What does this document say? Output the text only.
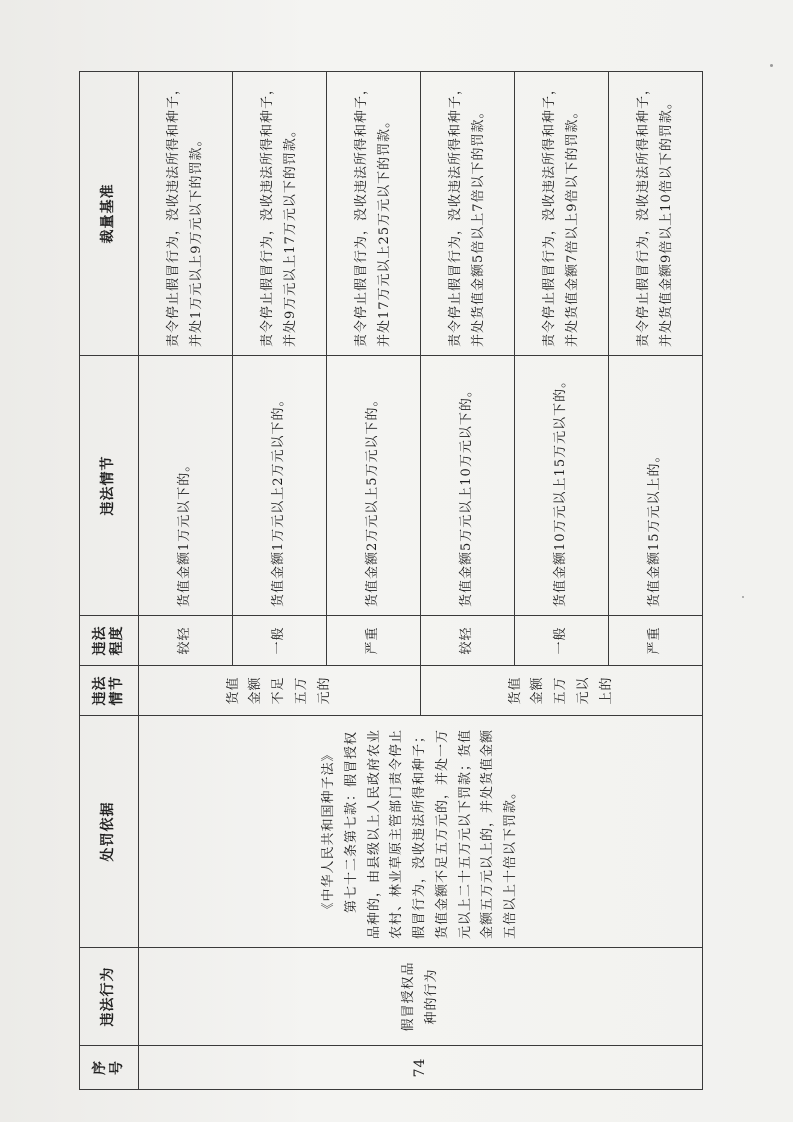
序号	违法行为	处罚依据	违法情节	违法程度	违法情节	裁量基准
74	假冒授权品种的行为	《中华人民共和国种子法》 第七十二条第七款：假冒授权品种的，由县级以上人民政府农业农村、林业草原主管部门责令停止假冒行为，没收违法所得和种子；货值金额不足五万元的，并处一万元以上二十五万元以下罚款；货值金额五万元以上的，并处货值金额五倍以上十倍以下罚款。	货值金额不足五万元的	较轻	货值金额1万元以下的。	责令停止假冒行为，没收违法所得和种子，并处1万元以上9万元以下的罚款。
				一般	货值金额1万元以上2万元以下的。	责令停止假冒行为，没收违法所得和种子，并处9万元以上17万元以下的罚款。
				严重	货值金额2万元以上5万元以下的。	责令停止假冒行为，没收违法所得和种子，并处17万元以上25万元以下的罚款。
			货值金额五万元以上的	较轻	货值金额5万元以上10万元以下的。	责令停止假冒行为，没收违法所得和种子，并处货值金额5倍以上7倍以下的罚款。
				一般	货值金额10万元以上15万元以下的。	责令停止假冒行为，没收违法所得和种子，并处货值金额7倍以上9倍以下的罚款。
				严重	货值金额15万元以上的。	责令停止假冒行为，没收违法所得和种子，并处货值金额9倍以上10倍以下的罚款。
